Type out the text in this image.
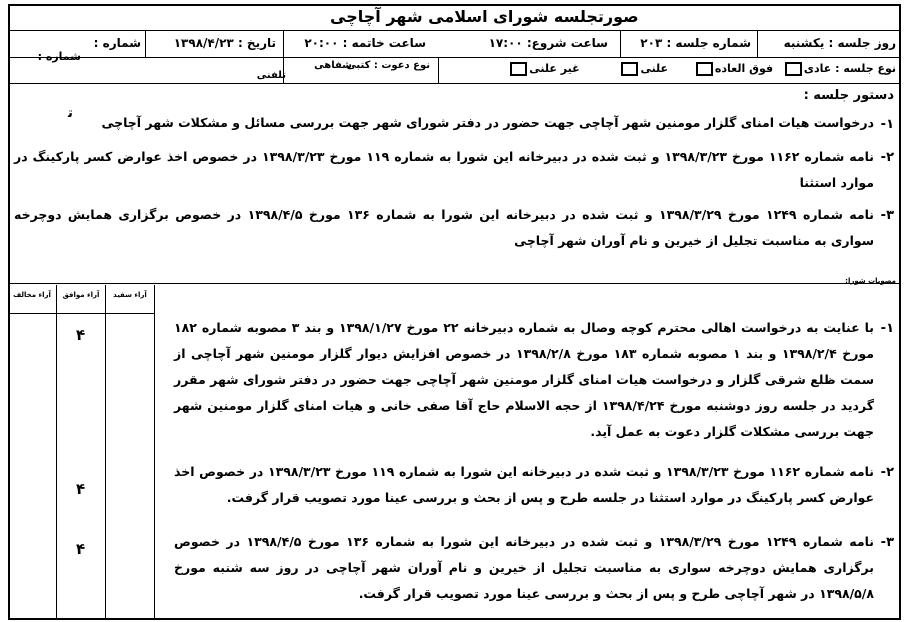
صورتجلسه شورای اسلامی شهر آچاچی
روز جلسه : یکشنبه
شماره جلسه : ۲۰۳
ساعت شروع: ۱۷:۰۰
ساعت خاتمه : ۲۰:۰۰
تاریخ : ۱۳۹۸/۴/۲۳
شماره :
شماره :
نوع جلسه : عادی فوق العاده علنی غیر علنی
نوع دعوت : کتبی
شفاهی
تلفنی
دستور جلسه :
ﺗ
۱-
درخواست هیات امنای گلزار مومنین شهر آچاچی جهت حضور در دفتر شورای شهر جهت بررسی مسائل و مشکلات شهر آچاچی
۲-
نامه شماره ۱۱۶۲ مورخ ۱۳۹۸/۳/۲۳ و ثبت شده در دبیرخانه این شورا به شماره ۱۱۹ مورخ ۱۳۹۸/۳/۲۳ در خصوص اخذ عوارض کسر پارکینگ در موارد استثنا
۳-
نامه شماره ۱۲۴۹ مورخ ۱۳۹۸/۳/۲۹ و ثبت شده در دبیرخانه این شورا به شماره ۱۳۶ مورخ ۱۳۹۸/۴/۵ در خصوص برگزاری همایش دوچرخه سواری به مناسبت تجلیل از خیرین و نام آوران شهر آچاچی
مصوبات شورا:
آراء سفید
آراء موافق
آراء مخالف
۴
۴
۴
۱-
با عنایت به درخواست اهالی محترم کوچه وصال به شماره دبیرخانه ۲۲ مورخ ۱۳۹۸/۱/۲۷ و بند ۳ مصوبه شماره ۱۸۲ مورخ ۱۳۹۸/۲/۴ و بند ۱ مصوبه شماره ۱۸۳ مورخ ۱۳۹۸/۲/۸ در خصوص افزایش دیوار گلزار مومنین شهر آچاچی از سمت ظلع شرقی گلزار و درخواست هیات امنای گلزار مومنین شهر آچاچی جهت حضور در دفتر شورای شهر مقرر گردید در جلسه روز دوشنبه مورخ ۱۳۹۸/۴/۲۴ از حجه الاسلام حاج آقا صفی خانی و هیات امنای گلزار مومنین شهر جهت بررسی مشکلات گلزار دعوت به عمل آید.
۲-
نامه شماره ۱۱۶۲ مورخ ۱۳۹۸/۳/۲۳ و ثبت شده در دبیرخانه این شورا به شماره ۱۱۹ مورخ ۱۳۹۸/۳/۲۳ در خصوص اخذ عوارض کسر پارکینگ در موارد استثنا در جلسه طرح و پس از بحث و بررسی عینا مورد تصویب قرار گرفت.
۳-
نامه شماره ۱۲۴۹ مورخ ۱۳۹۸/۳/۲۹ و ثبت شده در دبیرخانه این شورا به شماره ۱۳۶ مورخ ۱۳۹۸/۴/۵ در خصوص برگزاری همایش دوچرخه سواری به مناسبت تجلیل از خیرین و نام آوران شهر آچاچی در روز سه شنبه مورخ ۱۳۹۸/۵/۸ در شهر آچاچی طرح و پس از بحث و بررسی عینا مورد تصویب قرار گرفت.
